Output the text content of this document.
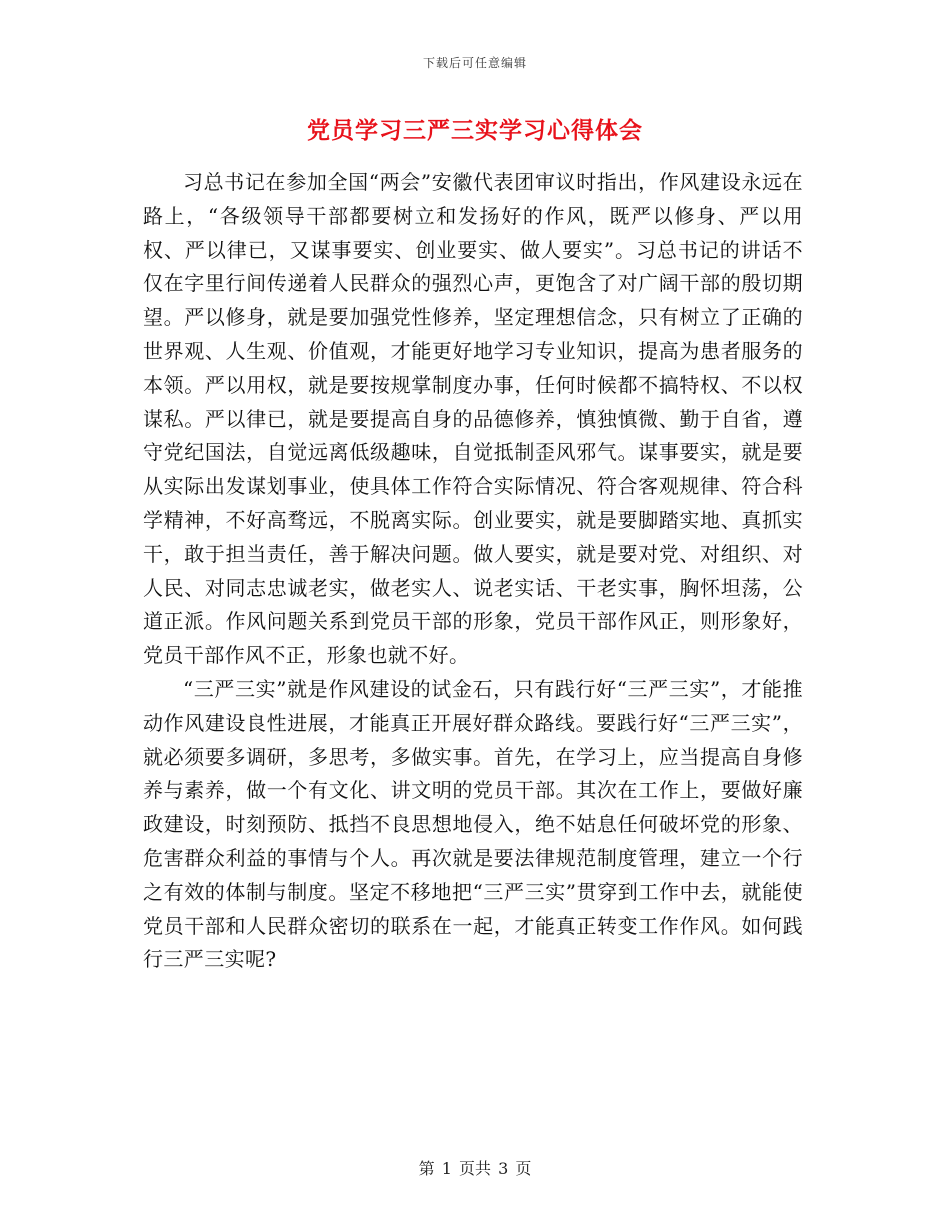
下载后可任意编辑
党员学习三严三实学习心得体会

习总书记在参加全国“两会”安徽代表团审议时指出，作风建设永远在路上，“各级领导干部都要树立和发扬好的作风，既严以修身、严以用权、严以律已，又谋事要实、创业要实、做人要实”。习总书记的讲话不仅在字里行间传递着人民群众的强烈心声，更饱含了对广阔干部的殷切期望。严以修身，就是要加强党性修养，坚定理想信念，只有树立了正确的世界观、人生观、价值观，才能更好地学习专业知识，提高为患者服务的本领。严以用权，就是要按规掌制度办事，任何时候都不搞特权、不以权谋私。严以律已，就是要提高自身的品德修养，慎独慎微、勤于自省，遵守党纪国法，自觉远离低级趣味，自觉抵制歪风邪气。谋事要实，就是要从实际出发谋划事业，使具体工作符合实际情况、符合客观规律、符合科学精神，不好高骛远，不脱离实际。创业要实，就是要脚踏实地、真抓实干，敢于担当责任，善于解决问题。做人要实，就是要对党、对组织、对人民、对同志忠诚老实，做老实人、说老实话、干老实事，胸怀坦荡，公道正派。作风问题关系到党员干部的形象，党员干部作风正，则形象好，党员干部作风不正，形象也就不好。

“三严三实”就是作风建设的试金石，只有践行好“三严三实”，才能推动作风建设良性进展，才能真正开展好群众路线。要践行好“三严三实”，就必须要多调研，多思考，多做实事。首先，在学习上，应当提高自身修养与素养，做一个有文化、讲文明的党员干部。其次在工作上，要做好廉政建设，时刻预防、抵挡不良思想地侵入，绝不姑息任何破坏党的形象、危害群众利益的事情与个人。再次就是要法律规范制度管理，建立一个行之有效的体制与制度。坚定不移地把“三严三实”贯穿到工作中去，就能使党员干部和人民群众密切的联系在一起，才能真正转变工作作风。如何践行三严三实呢?

第 1 页共 3 页
